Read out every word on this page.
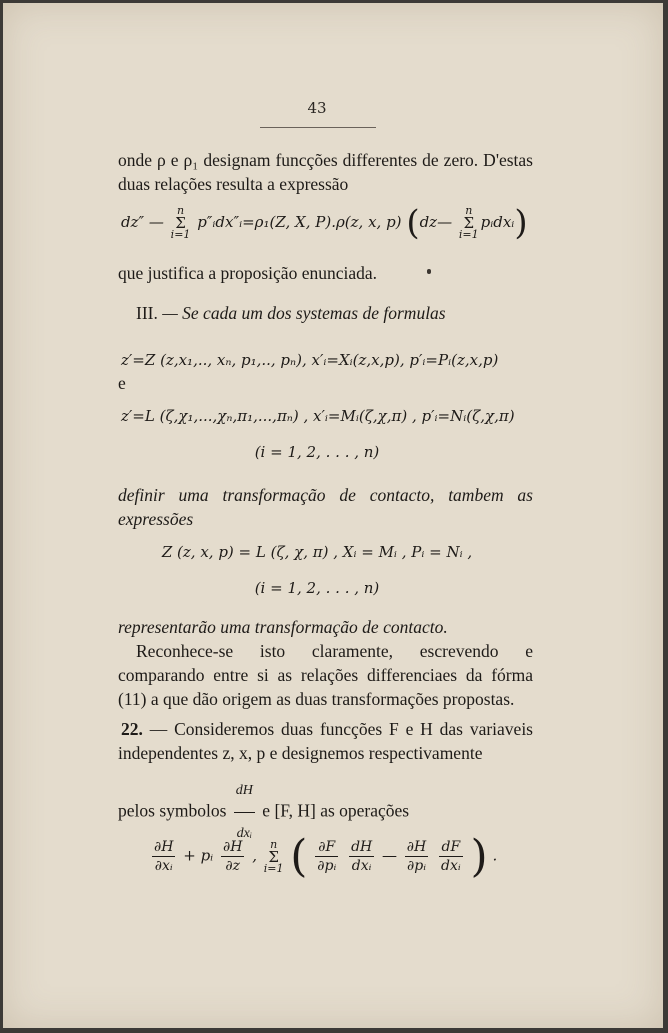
43
onde ρ e ρ₁ designam funcções differentes de zero. D'estas duas relações resulta a expressão
dz″ — n
Σ
i=1 p″ᵢdx″ᵢ=ρ₁(Z, X, P).ρ(z, x, p) (dz— n
Σ
i=1pᵢdxᵢ)
que justifica a proposição enunciada.
III. — Se cada um dos systemas de formulas
z′=Z (z,x₁,.., xₙ, p₁,.., pₙ), x′ᵢ=Xᵢ(z,x,p), p′ᵢ=Pᵢ(z,x,p)
e
z′=L (ζ,χ₁,...,χₙ,π₁,...,πₙ) , x′ᵢ=Mᵢ(ζ,χ,π) , p′ᵢ=Nᵢ(ζ,χ,π)
(i = 1, 2, . . . , n)
definir uma transformação de contacto, tambem as expressões
Z (z, x, p) = L (ζ, χ, π) , Xᵢ = Mᵢ , Pᵢ = Nᵢ ,
(i = 1, 2, . . . , n)
representarão uma transformação de contacto.
Reconhece-se isto claramente, escrevendo e comparando entre si as relações differenciaes da fórma (11) a que dão origem as duas transformações propostas.
22. — Consideremos duas funcções F e H das variaveis independentes z, x, p e designemos respectivamente
pelos symbolos $\frac{dH}{\text{dxᵢ}}$ e [F, H] as operações
$\frac{\partial H}{\text{∂xᵢ}}$ + pᵢ $\frac{\partial H}{\partial z}$ , n
Σ
i=1 ( $\frac{\partial F}{\text{∂pᵢ}}$
$\frac{dH}{\text{dxᵢ}}$ — $\frac{\partial H}{\text{∂pᵢ}}$
$\frac{dF}{\text{dxᵢ}}$ ) .
